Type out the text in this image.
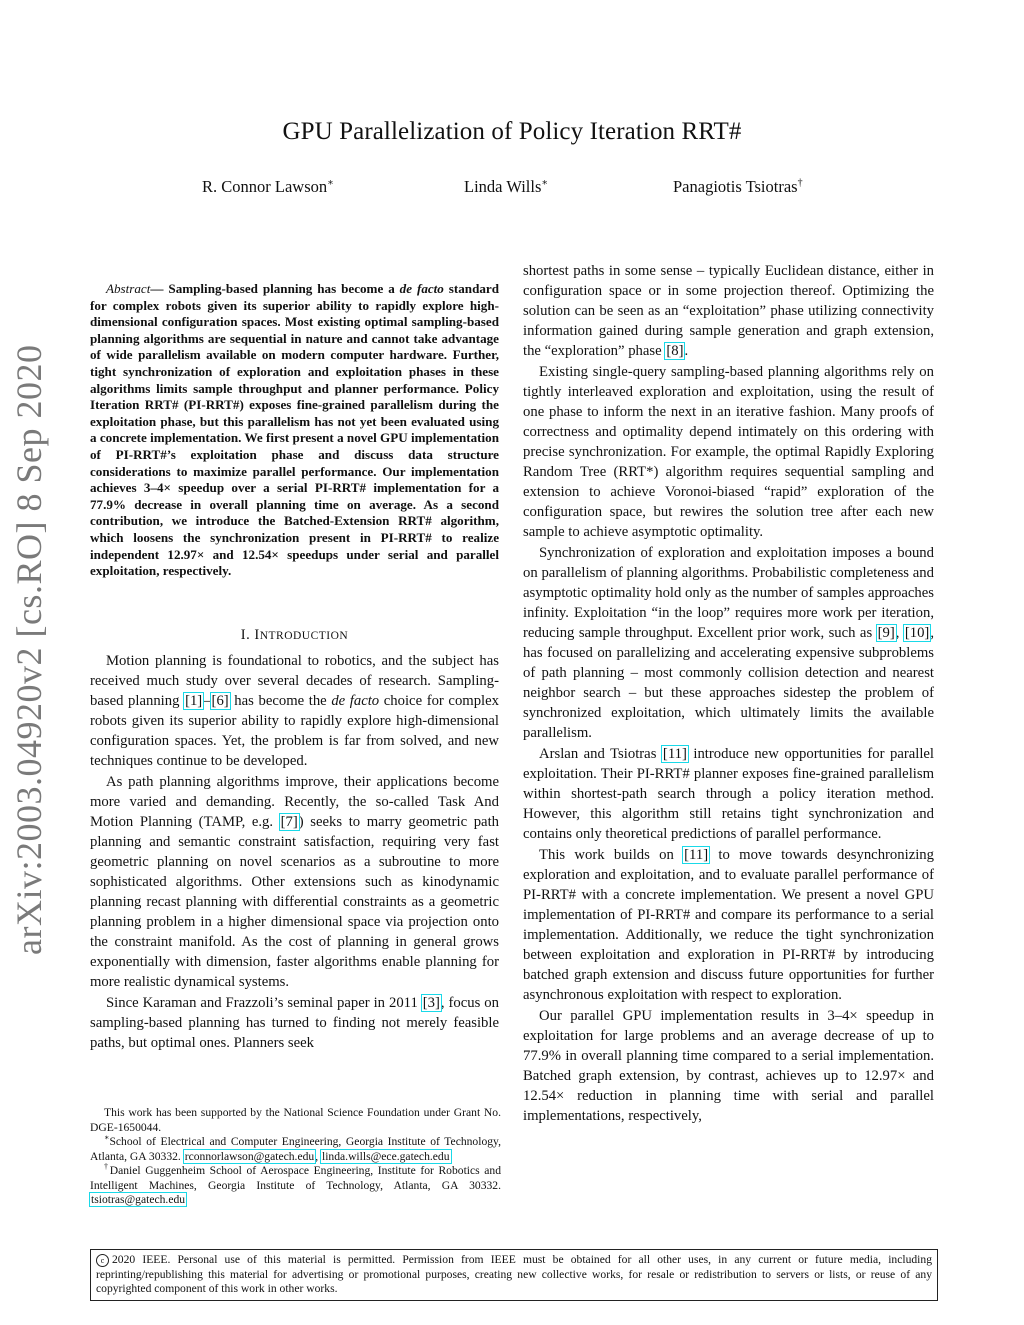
GPU Parallelization of Policy Iteration RRT#
R. Connor Lawson∗	Linda Wills∗	Panagiotis Tsiotras†
arXiv:2003.04920v2 [cs.RO] 8 Sep 2020
Abstract— Sampling-based planning has become a de facto standard for complex robots given its superior ability to rapidly explore high-dimensional configuration spaces. Most existing optimal sampling-based planning algorithms are sequential in nature and cannot take advantage of wide parallelism available on modern computer hardware. Further, tight synchronization of exploration and exploitation phases in these algorithms limits sample throughput and planner performance. Policy Iteration RRT# (PI-RRT#) exposes fine-grained parallelism during the exploitation phase, but this parallelism has not yet been evaluated using a concrete implementation. We first present a novel GPU implementation of PI-RRT#’s exploitation phase and discuss data structure considerations to maximize parallel performance. Our implementation achieves 3–4× speedup over a serial PI-RRT# implementation for a 77.9% decrease in overall planning time on average. As a second contribution, we introduce the Batched-Extension RRT# algorithm, which loosens the synchronization present in PI-RRT# to realize independent 12.97× and 12.54× speedups under serial and parallel exploitation, respectively.
I. INTRODUCTION

Motion planning is foundational to robotics, and the subject has received much study over several decades of research. Sampling-based planning [1]–[6] has become the de facto choice for complex robots given its superior ability to rapidly explore high-dimensional configuration spaces. Yet, the problem is far from solved, and new techniques continue to be developed.

As path planning algorithms improve, their applications become more varied and demanding. Recently, the so-called Task And Motion Planning (TAMP, e.g. [7]) seeks to marry geometric path planning and semantic constraint satisfaction, requiring very fast geometric planning on novel scenarios as a subroutine to more sophisticated algorithms. Other extensions such as kinodynamic planning recast planning with differential constraints as a geometric planning problem in a higher dimensional space via projection onto the constraint manifold. As the cost of planning in general grows exponentially with dimension, faster algorithms enable planning for more realistic dynamical systems.

Since Karaman and Frazzoli’s seminal paper in 2011 [3], focus on sampling-based planning has turned to finding not merely feasible paths, but optimal ones. Planners seek

This work has been supported by the National Science Foundation under Grant No. DGE-1650044.

∗School of Electrical and Computer Engineering, Georgia Institute of Technology, Atlanta, GA 30332. rconnorlawson@gatech.edu, linda.wills@ece.gatech.edu

†Daniel Guggenheim School of Aerospace Engineering, Institute for Robotics and Intelligent Machines, Georgia Institute of Technology, Atlanta, GA 30332. tsiotras@gatech.edu

shortest paths in some sense – typically Euclidean distance, either in configuration space or in some projection thereof. Optimizing the solution can be seen as an “exploitation” phase utilizing connectivity information gained during sample generation and graph extension, the “exploration” phase [8].

Existing single-query sampling-based planning algorithms rely on tightly interleaved exploration and exploitation, using the result of one phase to inform the next in an iterative fashion. Many proofs of correctness and optimality depend intimately on this ordering with precise synchronization. For example, the optimal Rapidly Exploring Random Tree (RRT*) algorithm requires sequential sampling and extension to achieve Voronoi-biased “rapid” exploration of the configuration space, but rewires the solution tree after each new sample to achieve asymptotic optimality.

Synchronization of exploration and exploitation imposes a bound on parallelism of planning algorithms. Probabilistic completeness and asymptotic optimality hold only as the number of samples approaches infinity. Exploitation “in the loop” requires more work per iteration, reducing sample throughput. Excellent prior work, such as [9], [10], has focused on parallelizing and accelerating expensive subproblems of path planning – most commonly collision detection and nearest neighbor search – but these approaches sidestep the problem of synchronized exploitation, which ultimately limits the available parallelism.

Arslan and Tsiotras [11] introduce new opportunities for parallel exploitation. Their PI-RRT# planner exposes fine-grained parallelism within shortest-path search through a policy iteration method. However, this algorithm still retains tight synchronization and contains only theoretical predictions of parallel performance.

This work builds on [11] to move towards desynchronizing exploration and exploitation, and to evaluate parallel performance of PI-RRT# with a concrete implementation. We present a novel GPU implementation of PI-RRT# and compare its performance to a serial implementation. Additionally, we reduce the tight synchronization between exploitation and exploration in PI-RRT# by introducing batched graph extension and discuss future opportunities for further asynchronous exploitation with respect to exploration.

Our parallel GPU implementation results in 3–4× speedup in exploitation for large problems and an average decrease of up to 77.9% in overall planning time compared to a serial implementation. Batched graph extension, by contrast, achieves up to 12.97× and 12.54× reduction in planning time with serial and parallel implementations, respectively,

c 2020 IEEE. Personal use of this material is permitted. Permission from IEEE must be obtained for all other uses, in any current or future media, including reprinting/republishing this material for advertising or promotional purposes, creating new collective works, for resale or redistribution to servers or lists, or reuse of any copyrighted component of this work in other works.
